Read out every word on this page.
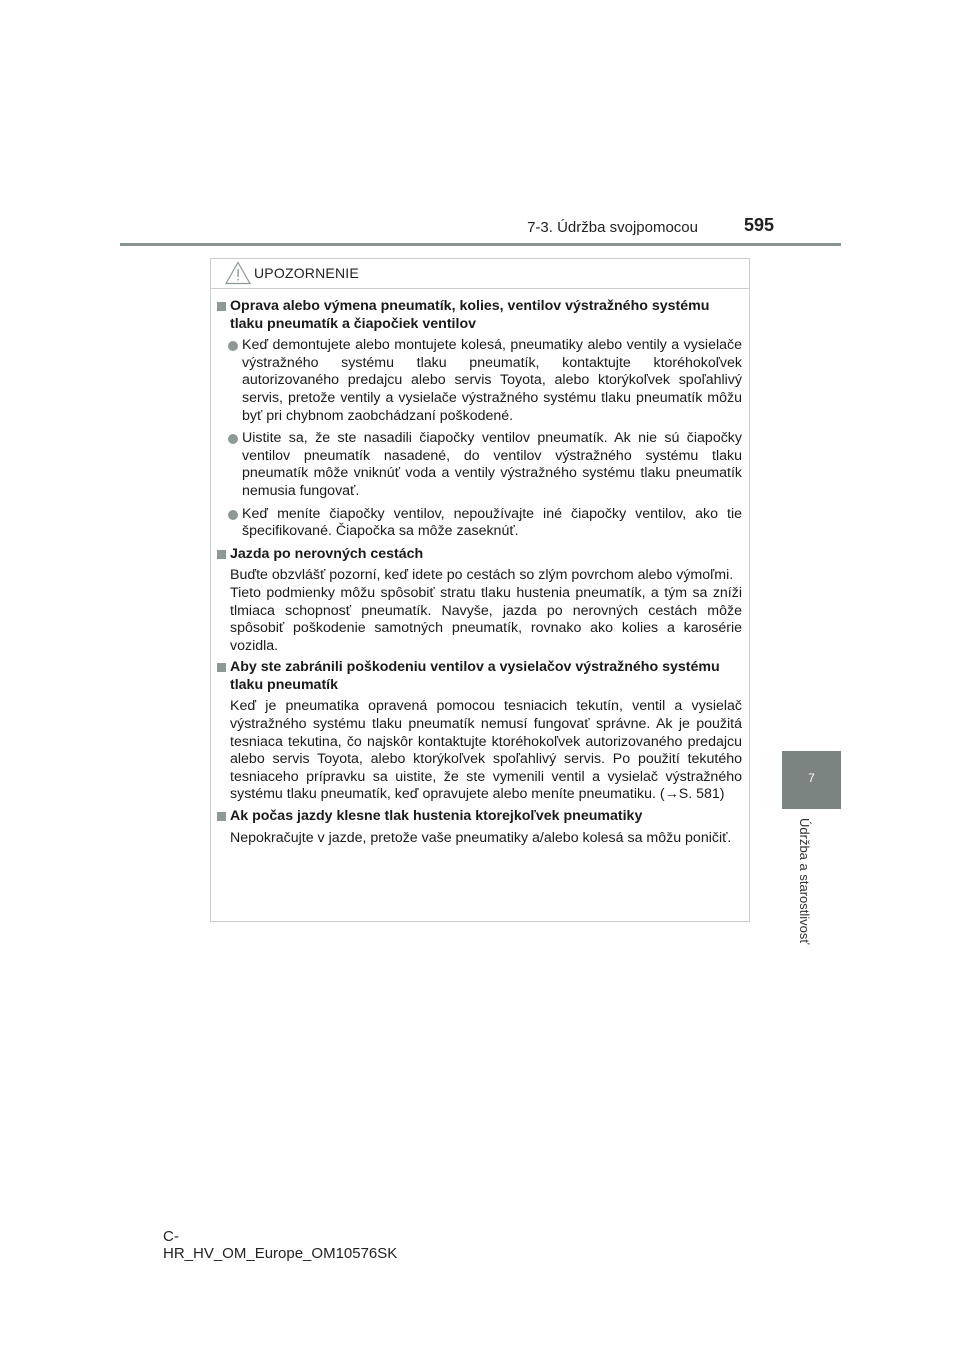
7-3. Údržba svojpomocou	595
7
Údržba a starostlivosť
UPOZORNENIE
Oprava alebo výmena pneumatík, kolies, ventilov výstražného systému tlaku pneumatík a čiapočiek ventilov
Keď demontujete alebo montujete kolesá, pneumatiky alebo ventily a vysielače výstražného systému tlaku pneumatík, kontaktujte ktoréhokoľvek autorizovaného predajcu alebo servis Toyota, alebo ktorýkoľvek spoľahlivý servis, pretože ventily a vysielače výstražného systému tlaku pneumatík môžu byť pri chybnom zaobchádzaní poškodené.
Uistite sa, že ste nasadili čiapočky ventilov pneumatík. Ak nie sú čiapočky ventilov pneumatík nasadené, do ventilov výstražného systému tlaku pneumatík môže vniknúť voda a ventily výstražného systému tlaku pneumatík nemusia fungovať.
Keď meníte čiapočky ventilov, nepoužívajte iné čiapočky ventilov, ako tie špecifikované. Čiapočka sa môže zaseknúť.
Jazda po nerovných cestách
Buďte obzvlášť pozorní, keď idete po cestách so zlým povrchom alebo výmoľmi.
Tieto podmienky môžu spôsobiť stratu tlaku hustenia pneumatík, a tým sa zníži tlmiaca schopnosť pneumatík. Navyše, jazda po nerovných cestách môže spôsobiť poškodenie samotných pneumatík, rovnako ako kolies a karosérie vozidla.
Aby ste zabránili poškodeniu ventilov a vysielačov výstražného systému tlaku pneumatík
Keď je pneumatika opravená pomocou tesniacich tekutín, ventil a vysielač výstražného systému tlaku pneumatík nemusí fungovať správne. Ak je použitá tesniaca tekutina, čo najskôr kontaktujte ktoréhokoľvek autorizovaného predajcu alebo servis Toyota, alebo ktorýkoľvek spoľahlivý servis. Po použití tekutého tesniaceho prípravku sa uistite, že ste vymenili ventil a vysielač výstražného systému tlaku pneumatík, keď opravujete alebo meníte pneumatiku. (→S. 581)
Ak počas jazdy klesne tlak hustenia ktorejkoľvek pneumatiky
Nepokračujte v jazde, pretože vaše pneumatiky a/alebo kolesá sa môžu poničiť.
C-HR_HV_OM_Europe_OM10576SK
